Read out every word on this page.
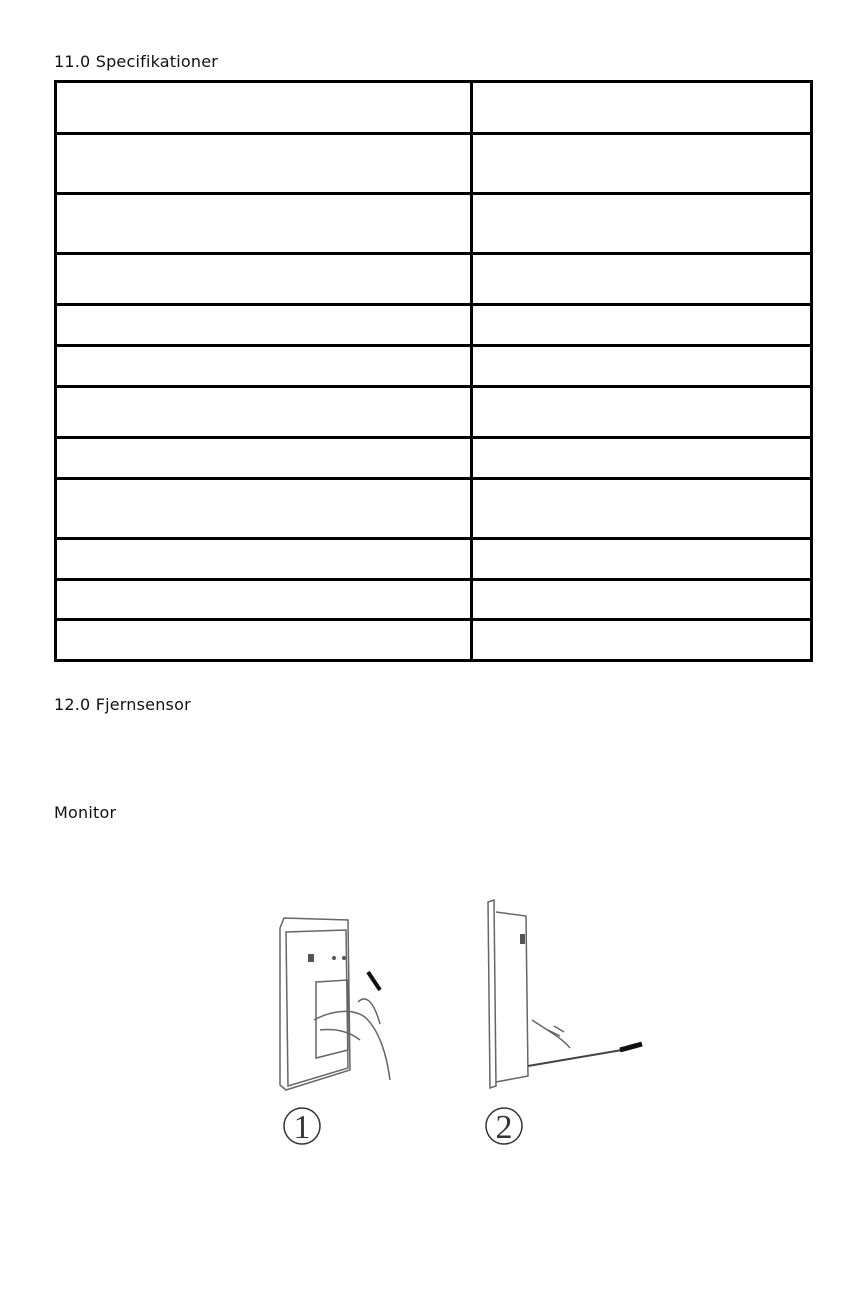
11.0 Specifikationer

12.0 Fjernsensor
Monitor
1	2
